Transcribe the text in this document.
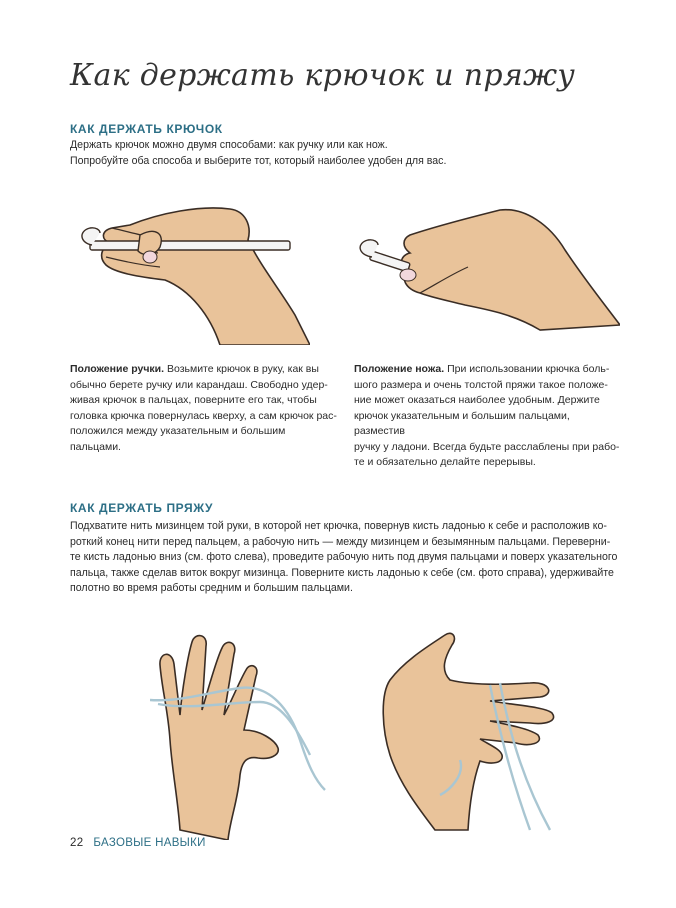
Как держать крючок и пряжу
КАК ДЕРЖАТЬ КРЮЧОК
Держать крючок можно двумя способами: как ручку или как нож.
Попробуйте оба способа и выберите тот, который наиболее удобен для вас.
Положение ручки. Возьмите крючок в руку, как вы
обычно берете ручку или карандаш. Свободно удер-
живая крючок в пальцах, поверните его так, чтобы
головка крючка повернулась кверху, а сам крючок рас-
положился между указательным и большим пальцами.
Положение ножа. При использовании крючка боль-
шого размера и очень толстой пряжи такое положе-
ние может оказаться наиболее удобным. Держите
крючок указательным и большим пальцами, разместив
ручку у ладони. Всегда будьте расслаблены при рабо-
те и обязательно делайте перерывы.
КАК ДЕРЖАТЬ ПРЯЖУ
Подхватите нить мизинцем той руки, в которой нет крючка, повернув кисть ладонью к себе и расположив ко-
роткий конец нити перед пальцем, а рабочую нить — между мизинцем и безымянным пальцами. Переверни-
те кисть ладонью вниз (см. фото слева), проведите рабочую нить под двумя пальцами и поверх указательного
пальца, также сделав виток вокруг мизинца. Поверните кисть ладонью к себе (см. фото справа), удерживайте
полотно во время работы средним и большим пальцами.
22 БАЗОВЫЕ НАВЫКИ
